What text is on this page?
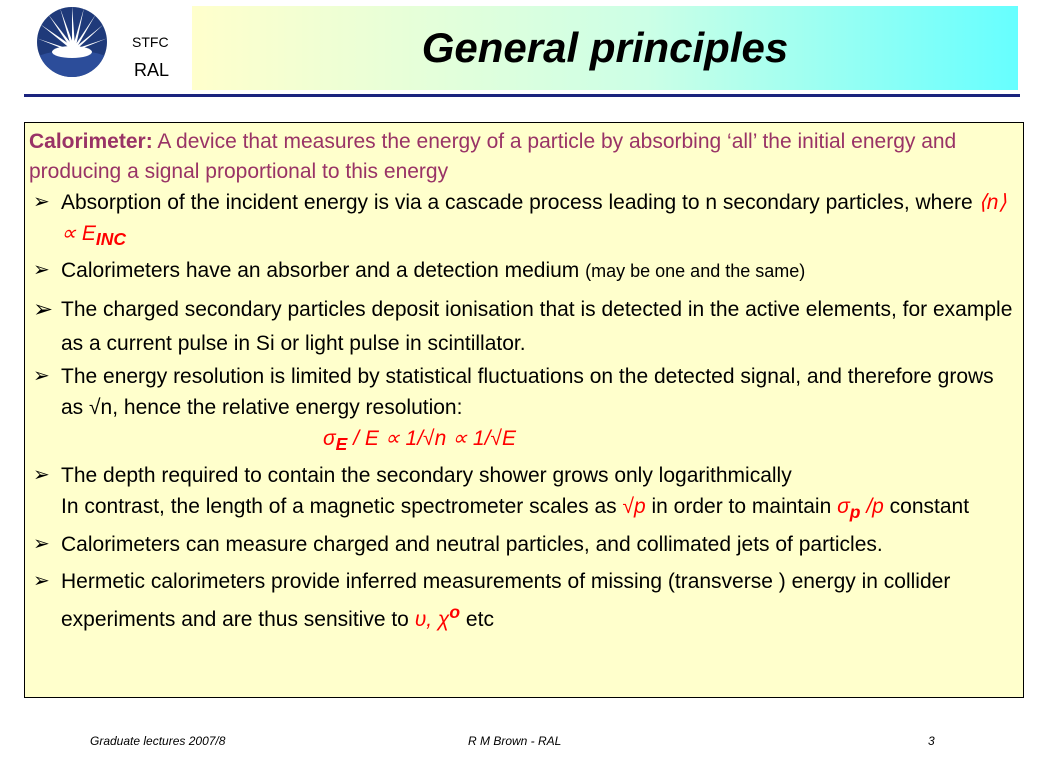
STFC
RAL	General principles
Calorimeter: A device that measures the energy of a particle by absorbing ‘all’ the initial energy and producing a signal proportional to this energy
➢ Absorption of the incident energy is via a cascade process leading to n secondary particles, where ⟨n⟩ ∝ $E_{INC}$
➢ Calorimeters have an absorber and a detection medium (may be one and the same)
➢ The charged secondary particles deposit ionisation that is detected in the active elements, for example as a current pulse in Si or light pulse in scintillator.
➢ The energy resolution is limited by statistical fluctuations on the detected signal, and therefore grows as √n, hence the relative energy resolution:
$\sigma_E / E \propto 1/√n \propto 1/√E$
➢ The depth required to contain the secondary shower grows only logarithmically
In contrast, the length of a magnetic spectrometer scales as √p in order to maintain $\sigma_p$ /p constant
➢ Calorimeters can measure charged and neutral particles, and collimated jets of particles.
➢ Hermetic calorimeters provide inferred measurements of missing (transverse ) energy in collider experiments and are thus sensitive to υ, $\chi^o$ etc
Graduate lectures 2007/8	R M Brown - RAL	3
